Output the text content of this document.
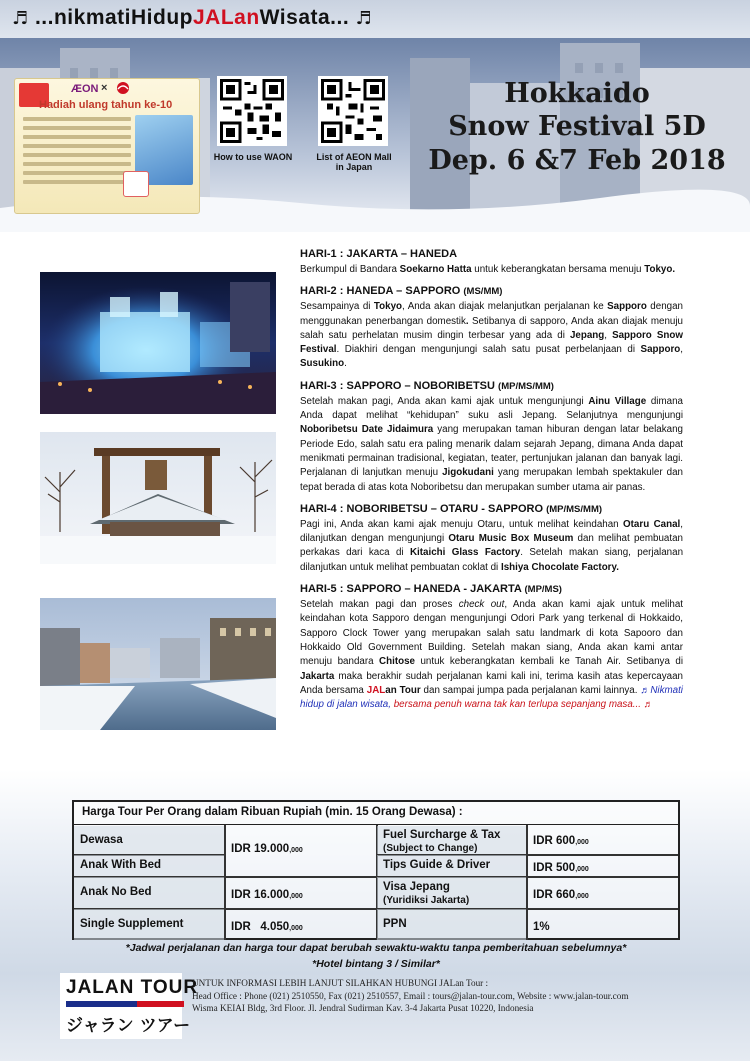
♬ ...nikmatiHidupJALanWisata... ♬
ÆON ×
Hadiah ulang tahun ke-10
How to use WAON	List of AEON Mall in Japan
Hokkaido
Snow Festival 5D
Dep. 6 &7 Feb 2018
HARI-1 : JAKARTA – HANEDA
Berkumpul di Bandara Soekarno Hatta untuk keberangkatan bersama menuju Tokyo.
HARI-2 : HANEDA – SAPPORO (MS/MM)
Sesampainya di Tokyo, Anda akan diajak melanjutkan perjalanan ke Sapporo dengan menggunakan penerbangan domestik. Setibanya di sapporo, Anda akan diajak menuju salah satu perhelatan musim dingin terbesar yang ada di Jepang, Sapporo Snow Festival. Diakhiri dengan mengunjungi salah satu pusat perbelanjaan di Sapporo, Susukino.
HARI-3 : SAPPORO – NOBORIBETSU (MP/MS/MM)
Setelah makan pagi, Anda akan kami ajak untuk mengunjungi Ainu Village dimana Anda dapat melihat “kehidupan” suku asli Jepang. Selanjutnya mengunjungi Noboribetsu Date Jidaimura yang merupakan taman hiburan dengan latar belakang Periode Edo, salah satu era paling menarik dalam sejarah Jepang, dimana Anda dapat menikmati permainan tradisional, kegiatan, teater, pertunjukan jalanan dan banyak lagi. Perjalanan di lanjutkan menuju Jigokudani yang merupakan lembah spektakuler dan tepat berada di atas kota Noboribetsu dan merupakan sumber utama air panas.
HARI-4 : NOBORIBETSU – OTARU - SAPPORO (MP/MS/MM)
Pagi ini, Anda akan kami ajak menuju Otaru, untuk melihat keindahan Otaru Canal, dilanjutkan dengan mengunjungi Otaru Music Box Museum dan melihat pembuatan perkakas dari kaca di Kitaichi Glass Factory. Setelah makan siang, perjalanan dilanjutkan untuk melihat pembuatan coklat di Ishiya Chocolate Factory.
HARI-5 : SAPPORO – HANEDA - JAKARTA (MP/MS)
Setelah makan pagi dan proses check out, Anda akan kami ajak untuk melihat keindahan kota Sapporo dengan mengunjungi Odori Park yang terkenal di Hokkaido, Sapporo Clock Tower yang merupakan salah satu landmark di kota Sapooro dan Hokkaido Old Government Building. Setelah makan siang, Anda akan kami antar menuju bandara Chitose untuk keberangkatan kembali ke Tanah Air. Setibanya di Jakarta maka berakhir sudah perjalanan kami kali ini, terima kasih atas kepercayaan Anda bersama JALan Tour dan sampai jumpa pada perjalanan kami lainnya. ♬Nikmati hidup di jalan wisata, bersama penuh warna tak kan terlupa sepanjang masa... ♬
Harga Tour Per Orang dalam Ribuan Rupiah (min. 15 Orang Dewasa) :
Dewasa
Anak With Bed
Anak No Bed
Single Supplement
IDR 19.000,000
IDR 16.000,000
IDR   4.050,000
Fuel Surcharge & Tax
(Subject to Change)
Tips Guide & Driver
Visa Jepang
(Yuridiksi Jakarta)
PPN
IDR 600,000
IDR 500,000
IDR 660,000
1%
*Jadwal perjalanan dan harga tour dapat berubah sewaktu-waktu tanpa pemberitahuan sebelumnya*
*Hotel bintang 3 / Similar*
JALAN TOUR
ジャラン ツアー
UNTUK INFORMASI LEBIH LANJUT SILAHKAN HUBUNGI JALan Tour :
Head Office : Phone (021) 2510550, Fax (021) 2510557, Email : tours@jalan-tour.com, Website : www.jalan-tour.com
Wisma KEIAI Bldg, 3rd Floor. Jl. Jendral Sudirman Kav. 3-4 Jakarta Pusat 10220, Indonesia
